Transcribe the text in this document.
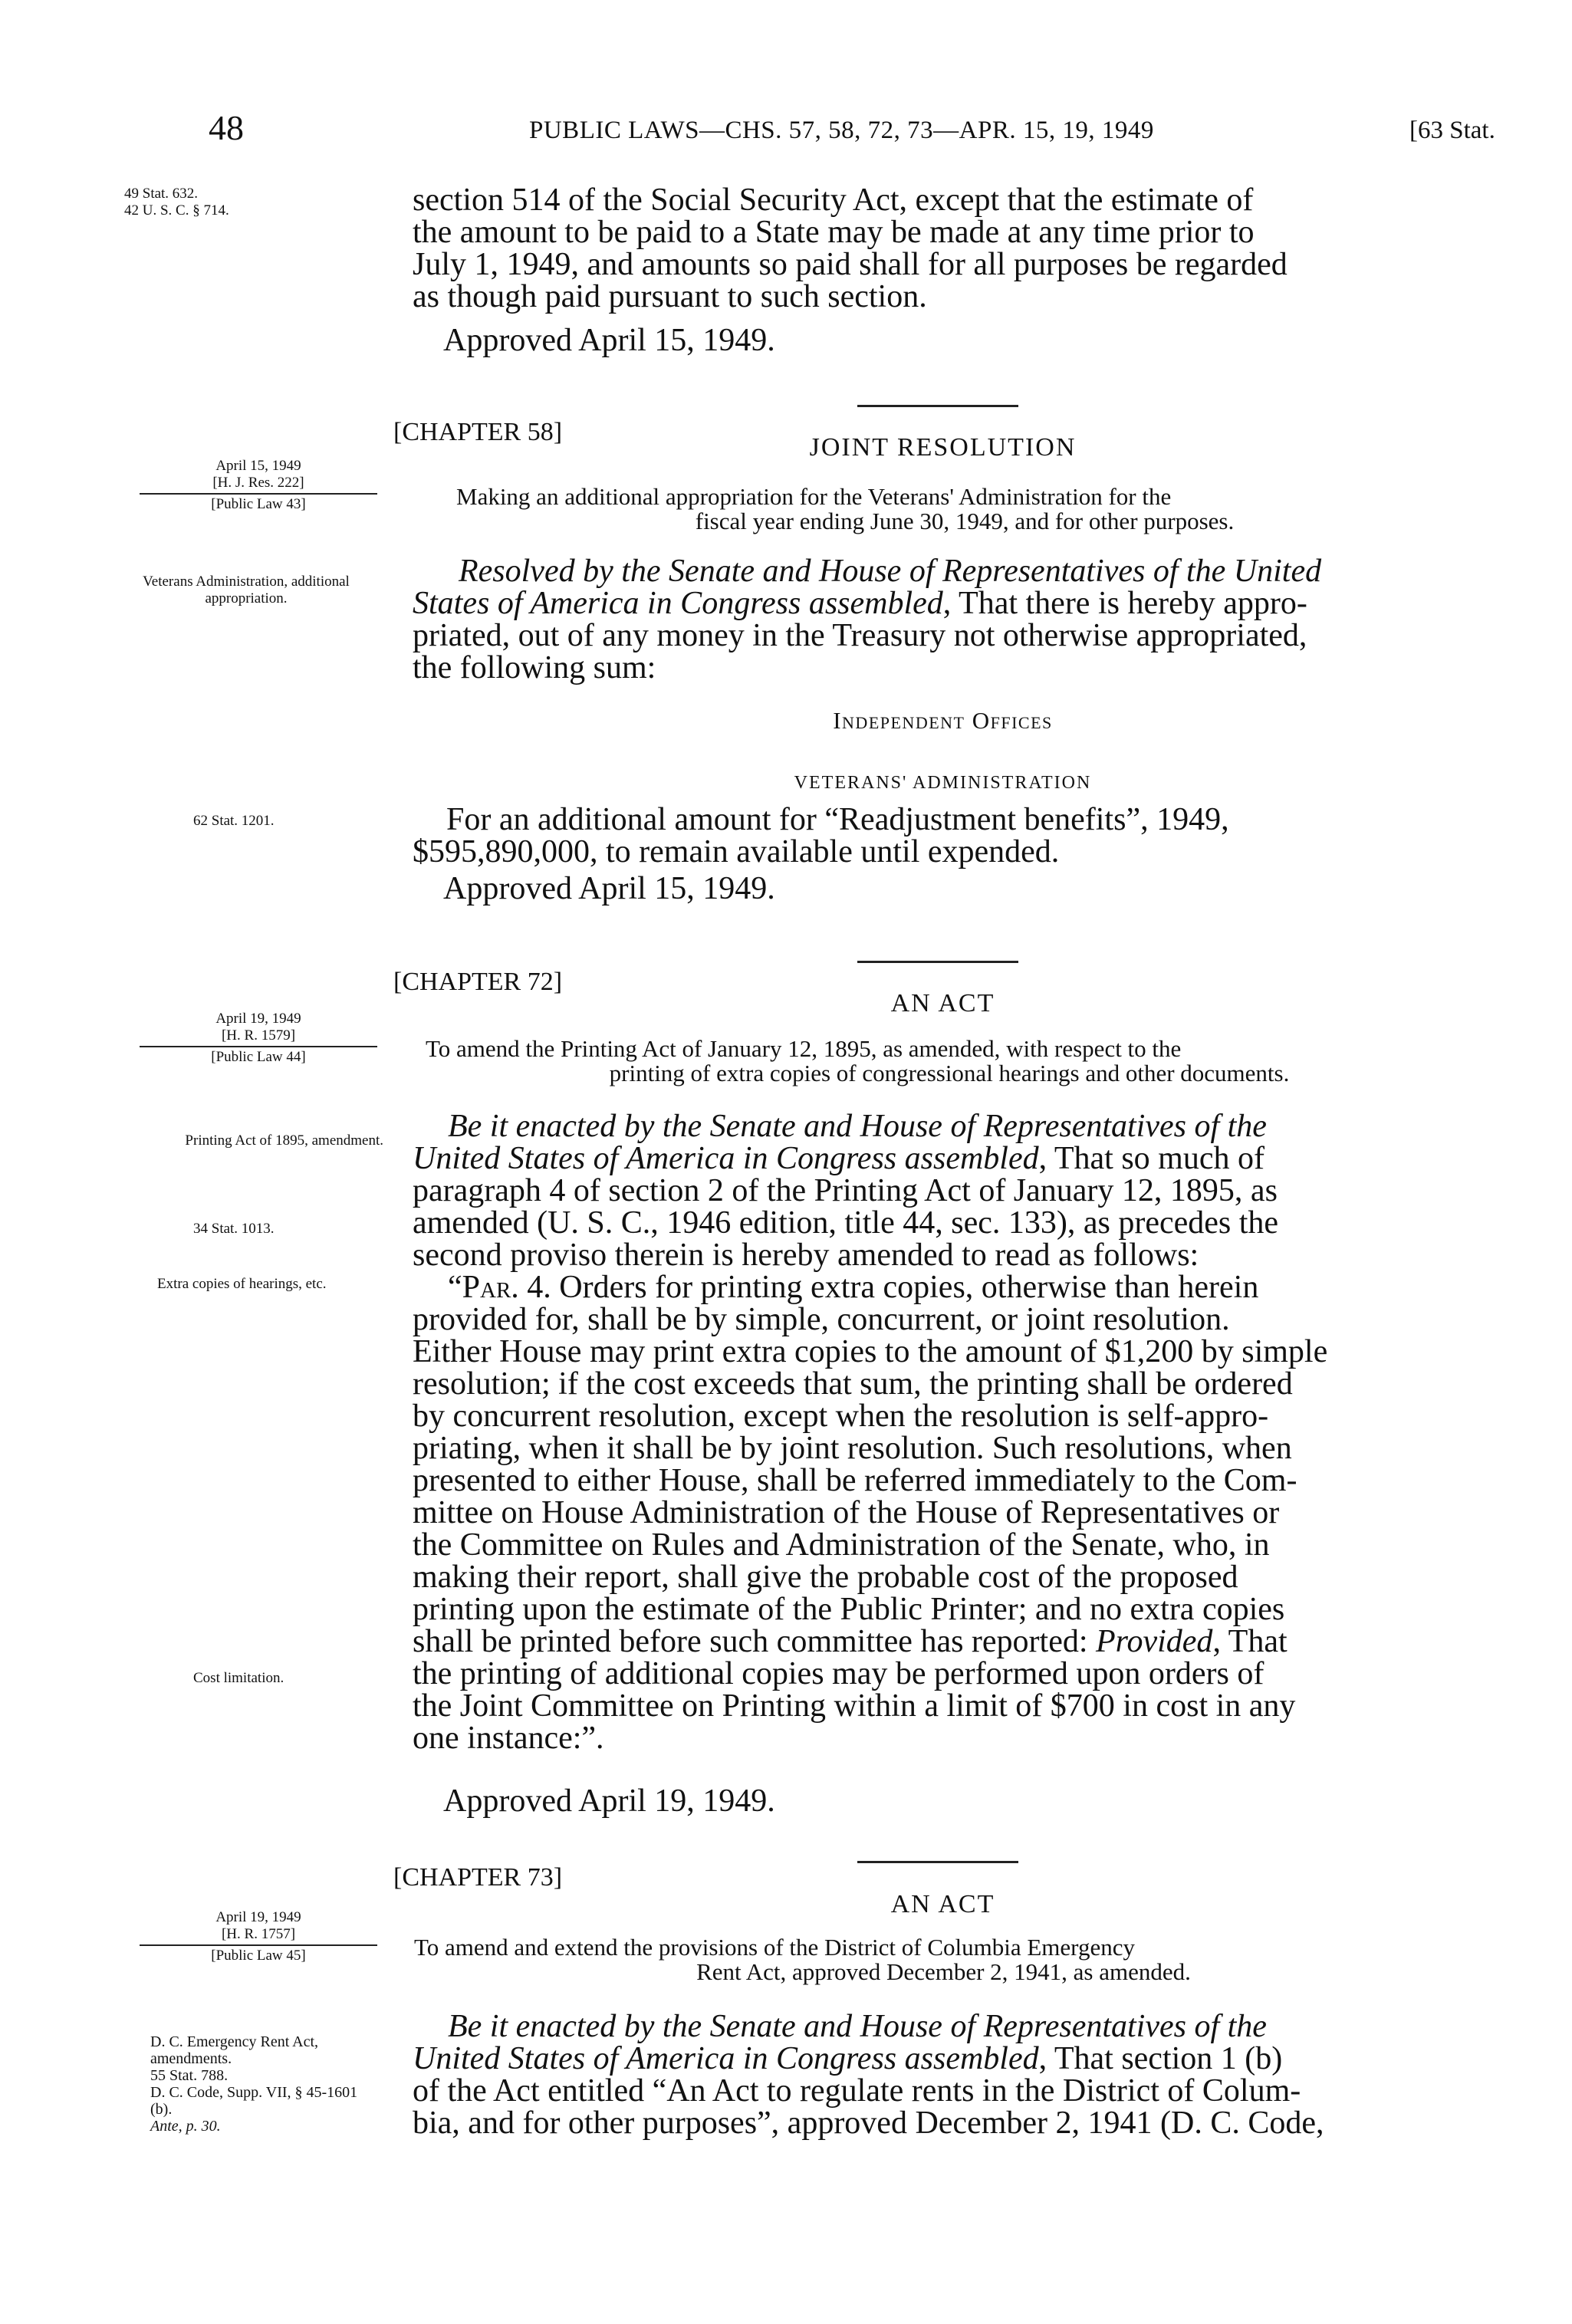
48	PUBLIC LAWS—CHS. 57, 58, 72, 73—APR. 15, 19, 1949	[63 Stat.
49 Stat. 632.
42 U. S. C. § 714.	section 514 of the Social Security Act, except that the estimate of

the amount to be paid to a State may be made at any time prior to

July 1, 1949, and amounts so paid shall for all purposes be regarded

as though paid pursuant to such section.

Approved April 15, 1949.
[CHAPTER 58]
JOINT RESOLUTION
April 15, 1949
[H. J. Res. 222]
[Public Law 43]	Making an additional appropriation for the Veterans' Administration for the
fiscal year ending June 30, 1949, and for other purposes.

Veterans Administration, additional appropriation.

Resolved by the Senate and House of Representatives of the United

States of America in Congress assembled, That there is hereby appro-

priated, out of any money in the Treasury not otherwise appropriated,

the following sum:

Independent Offices
VETERANS' ADMINISTRATION
62 Stat. 1201.	For an additional amount for “Readjustment benefits”, 1949,

$595,890,000, to remain available until expended.

Approved April 15, 1949.
[CHAPTER 72]
AN ACT
April 19, 1949
[H. R. 1579]
[Public Law 44]	To amend the Printing Act of January 12, 1895, as amended, with respect to the
printing of extra copies of congressional hearings and other documents.

Printing Act of 1895, amendment.
34 Stat. 1013.
Extra copies of hearings, etc.
Cost limitation.

Be it enacted by the Senate and House of Representatives of the

United States of America in Congress assembled, That so much of

paragraph 4 of section 2 of the Printing Act of January 12, 1895, as

amended (U. S. C., 1946 edition, title 44, sec. 133), as precedes the

second proviso therein is hereby amended to read as follows:

“Par. 4. Orders for printing extra copies, otherwise than herein

provided for, shall be by simple, concurrent, or joint resolution.

Either House may print extra copies to the amount of $1,200 by simple

resolution; if the cost exceeds that sum, the printing shall be ordered

by concurrent resolution, except when the resolution is self-appro-

priating, when it shall be by joint resolution. Such resolutions, when

presented to either House, shall be referred immediately to the Com-

mittee on House Administration of the House of Representatives or

the Committee on Rules and Administration of the Senate, who, in

making their report, shall give the probable cost of the proposed

printing upon the estimate of the Public Printer; and no extra copies

shall be printed before such committee has reported: Provided, That

the printing of additional copies may be performed upon orders of

the Joint Committee on Printing within a limit of $700 in cost in any

one instance:”.

Approved April 19, 1949.
[CHAPTER 73]
AN ACT
April 19, 1949
[H. R. 1757]
[Public Law 45]	To amend and extend the provisions of the District of Columbia Emergency
Rent Act, approved December 2, 1941, as amended.

D. C. Emergency Rent Act, amendments.
55 Stat. 788.
D. C. Code, Supp. VII, § 45-1601 (b).
Ante, p. 30.

Be it enacted by the Senate and House of Representatives of the

United States of America in Congress assembled, That section 1 (b)

of the Act entitled “An Act to regulate rents in the District of Colum-

bia, and for other purposes”, approved December 2, 1941 (D. C. Code,
